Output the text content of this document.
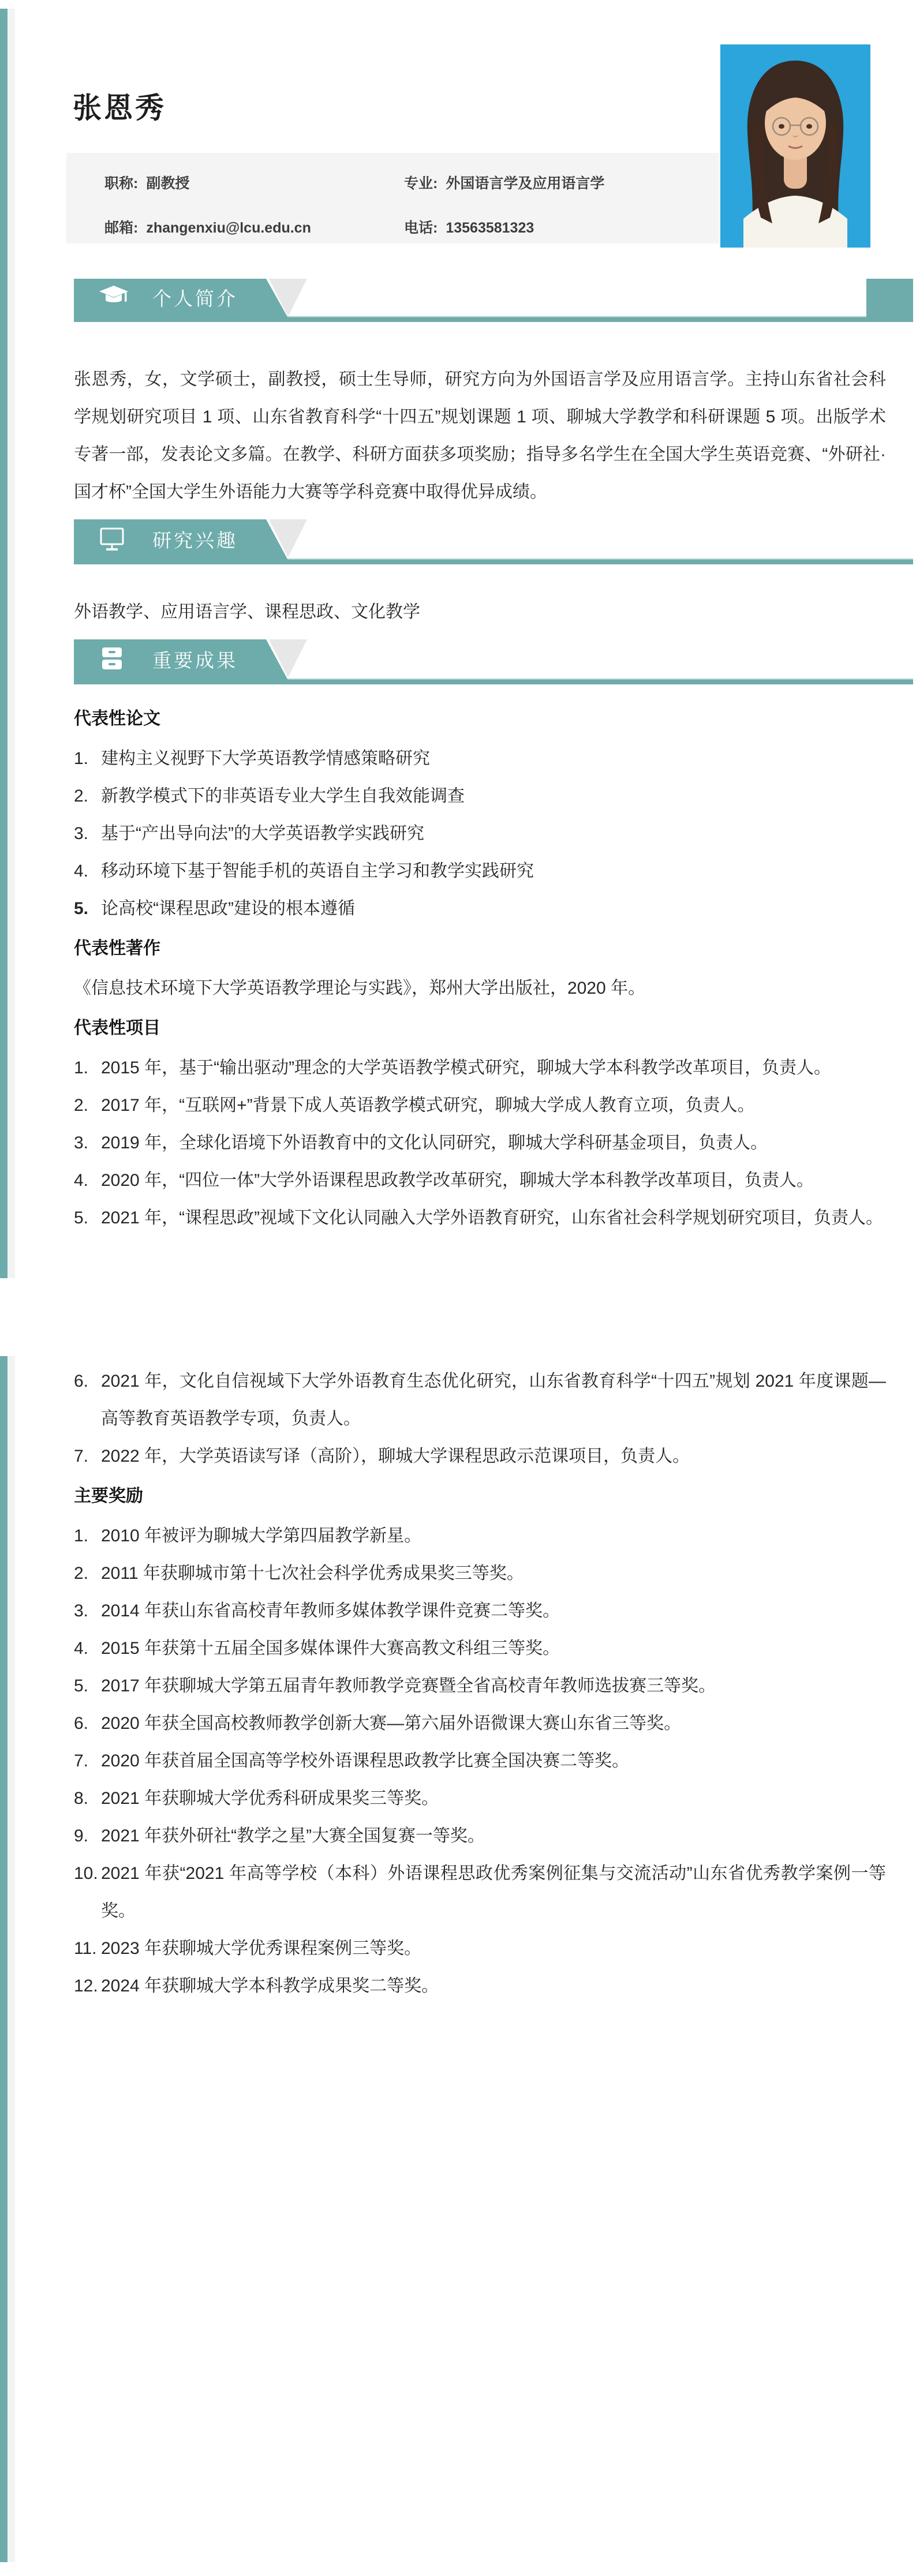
张恩秀
职称: 副教授	专业: 外国语言学及应用语言学
邮箱: zhangenxiu@lcu.edu.cn	电话: 13563581323
个人简介

张恩秀，女，文学硕士，副教授，硕士生导师，研究方向为外国语言学及应用语言学。主持山东省社会科学规划研究项目 1 项、山东省教育科学“十四五”规划课题 1 项、聊城大学教学和科研课题 5 项。出版学术专著一部，发表论文多篇。在教学、科研方面获多项奖励；指导多名学生在全国大学生英语竞赛、“外研社·国才杯”全国大学生外语能力大赛等学科竞赛中取得优异成绩。

研究兴趣

外语教学、应用语言学、课程思政、文化教学

重要成果
代表性论文
1. 建构主义视野下大学英语教学情感策略研究
2. 新教学模式下的非英语专业大学生自我效能调查
3. 基于“产出导向法”的大学英语教学实践研究
4. 移动环境下基于智能手机的英语自主学习和教学实践研究
5. 论高校“课程思政”建设的根本遵循
代表性著作
《信息技术环境下大学英语教学理论与实践》，郑州大学出版社，2020 年。
代表性项目
1. 2015 年，基于“输出驱动”理念的大学英语教学模式研究，聊城大学本科教学改革项目，负责人。
2. 2017 年，“互联网+”背景下成人英语教学模式研究，聊城大学成人教育立项，负责人。
3. 2019 年，全球化语境下外语教育中的文化认同研究，聊城大学科研基金项目，负责人。
4. 2020 年，“四位一体”大学外语课程思政教学改革研究，聊城大学本科教学改革项目，负责人。
5. 2021 年，“课程思政”视域下文化认同融入大学外语教育研究，山东省社会科学规划研究项目，负责人。
6. 2021 年，文化自信视域下大学外语教育生态优化研究，山东省教育科学“十四五”规划 2021 年度课题—高等教育英语教学专项，负责人。
7. 2022 年，大学英语读写译（高阶），聊城大学课程思政示范课项目，负责人。
主要奖励
1. 2010 年被评为聊城大学第四届教学新星。
2. 2011 年获聊城市第十七次社会科学优秀成果奖三等奖。
3. 2014 年获山东省高校青年教师多媒体教学课件竞赛二等奖。
4. 2015 年获第十五届全国多媒体课件大赛高教文科组三等奖。
5. 2017 年获聊城大学第五届青年教师教学竞赛暨全省高校青年教师选拔赛三等奖。
6. 2020 年获全国高校教师教学创新大赛—第六届外语微课大赛山东省三等奖。
7. 2020 年获首届全国高等学校外语课程思政教学比赛全国决赛二等奖。
8. 2021 年获聊城大学优秀科研成果奖三等奖。
9. 2021 年获外研社“教学之星”大赛全国复赛一等奖。
10. 2021 年获“2021 年高等学校（本科）外语课程思政优秀案例征集与交流活动”山东省优秀教学案例一等奖。
11. 2023 年获聊城大学优秀课程案例三等奖。
12. 2024 年获聊城大学本科教学成果奖二等奖。
